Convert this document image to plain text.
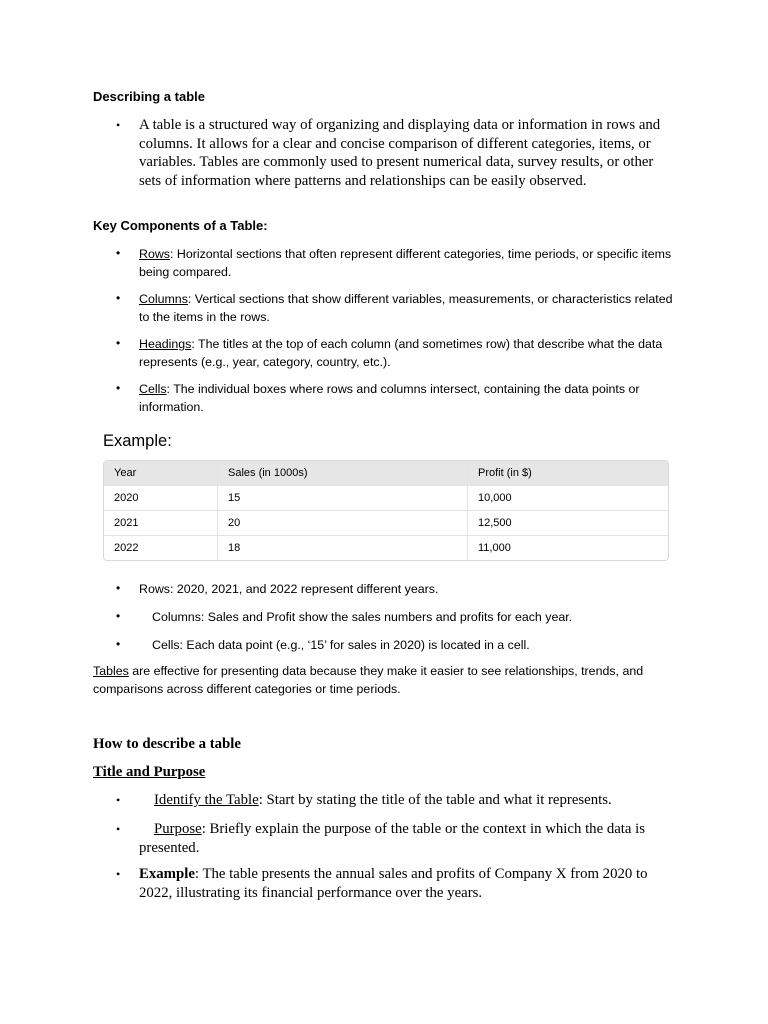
Describing a table
• A table is a structured way of organizing and displaying data or information in rows and columns. It allows for a clear and concise comparison of different categories, items, or variables. Tables are commonly used to present numerical data, survey results, or other sets of information where patterns and relationships can be easily observed.
Key Components of a Table:
• Rows: Horizontal sections that often represent different categories, time periods, or specific items being compared.
• Columns: Vertical sections that show different variables, measurements, or characteristics related to the items in the rows.
• Headings: The titles at the top of each column (and sometimes row) that describe what the data represents (e.g., year, category, country, etc.).
• Cells: The individual boxes where rows and columns intersect, containing the data points or information.
Example:
Year	Sales (in 1000s)	Profit (in $)
2020	15	10,000
2021	20	12,500
2022	18	11,000
• Rows: 2020, 2021, and 2022 represent different years.
•	Columns: Sales and Profit show the sales numbers and profits for each year.
•	Cells: Each data point (e.g., ‘15’ for sales in 2020) is located in a cell.
Tables are effective for presenting data because they make it easier to see relationships, trends, and comparisons across different categories or time periods.
How to describe a table
Title and Purpose
• Identify the Table: Start by stating the title of the table and what it represents.
•	Purpose: Briefly explain the purpose of the table or the context in which the data is presented.
• Example: The table presents the annual sales and profits of Company X from 2020 to 2022, illustrating its financial performance over the years.
